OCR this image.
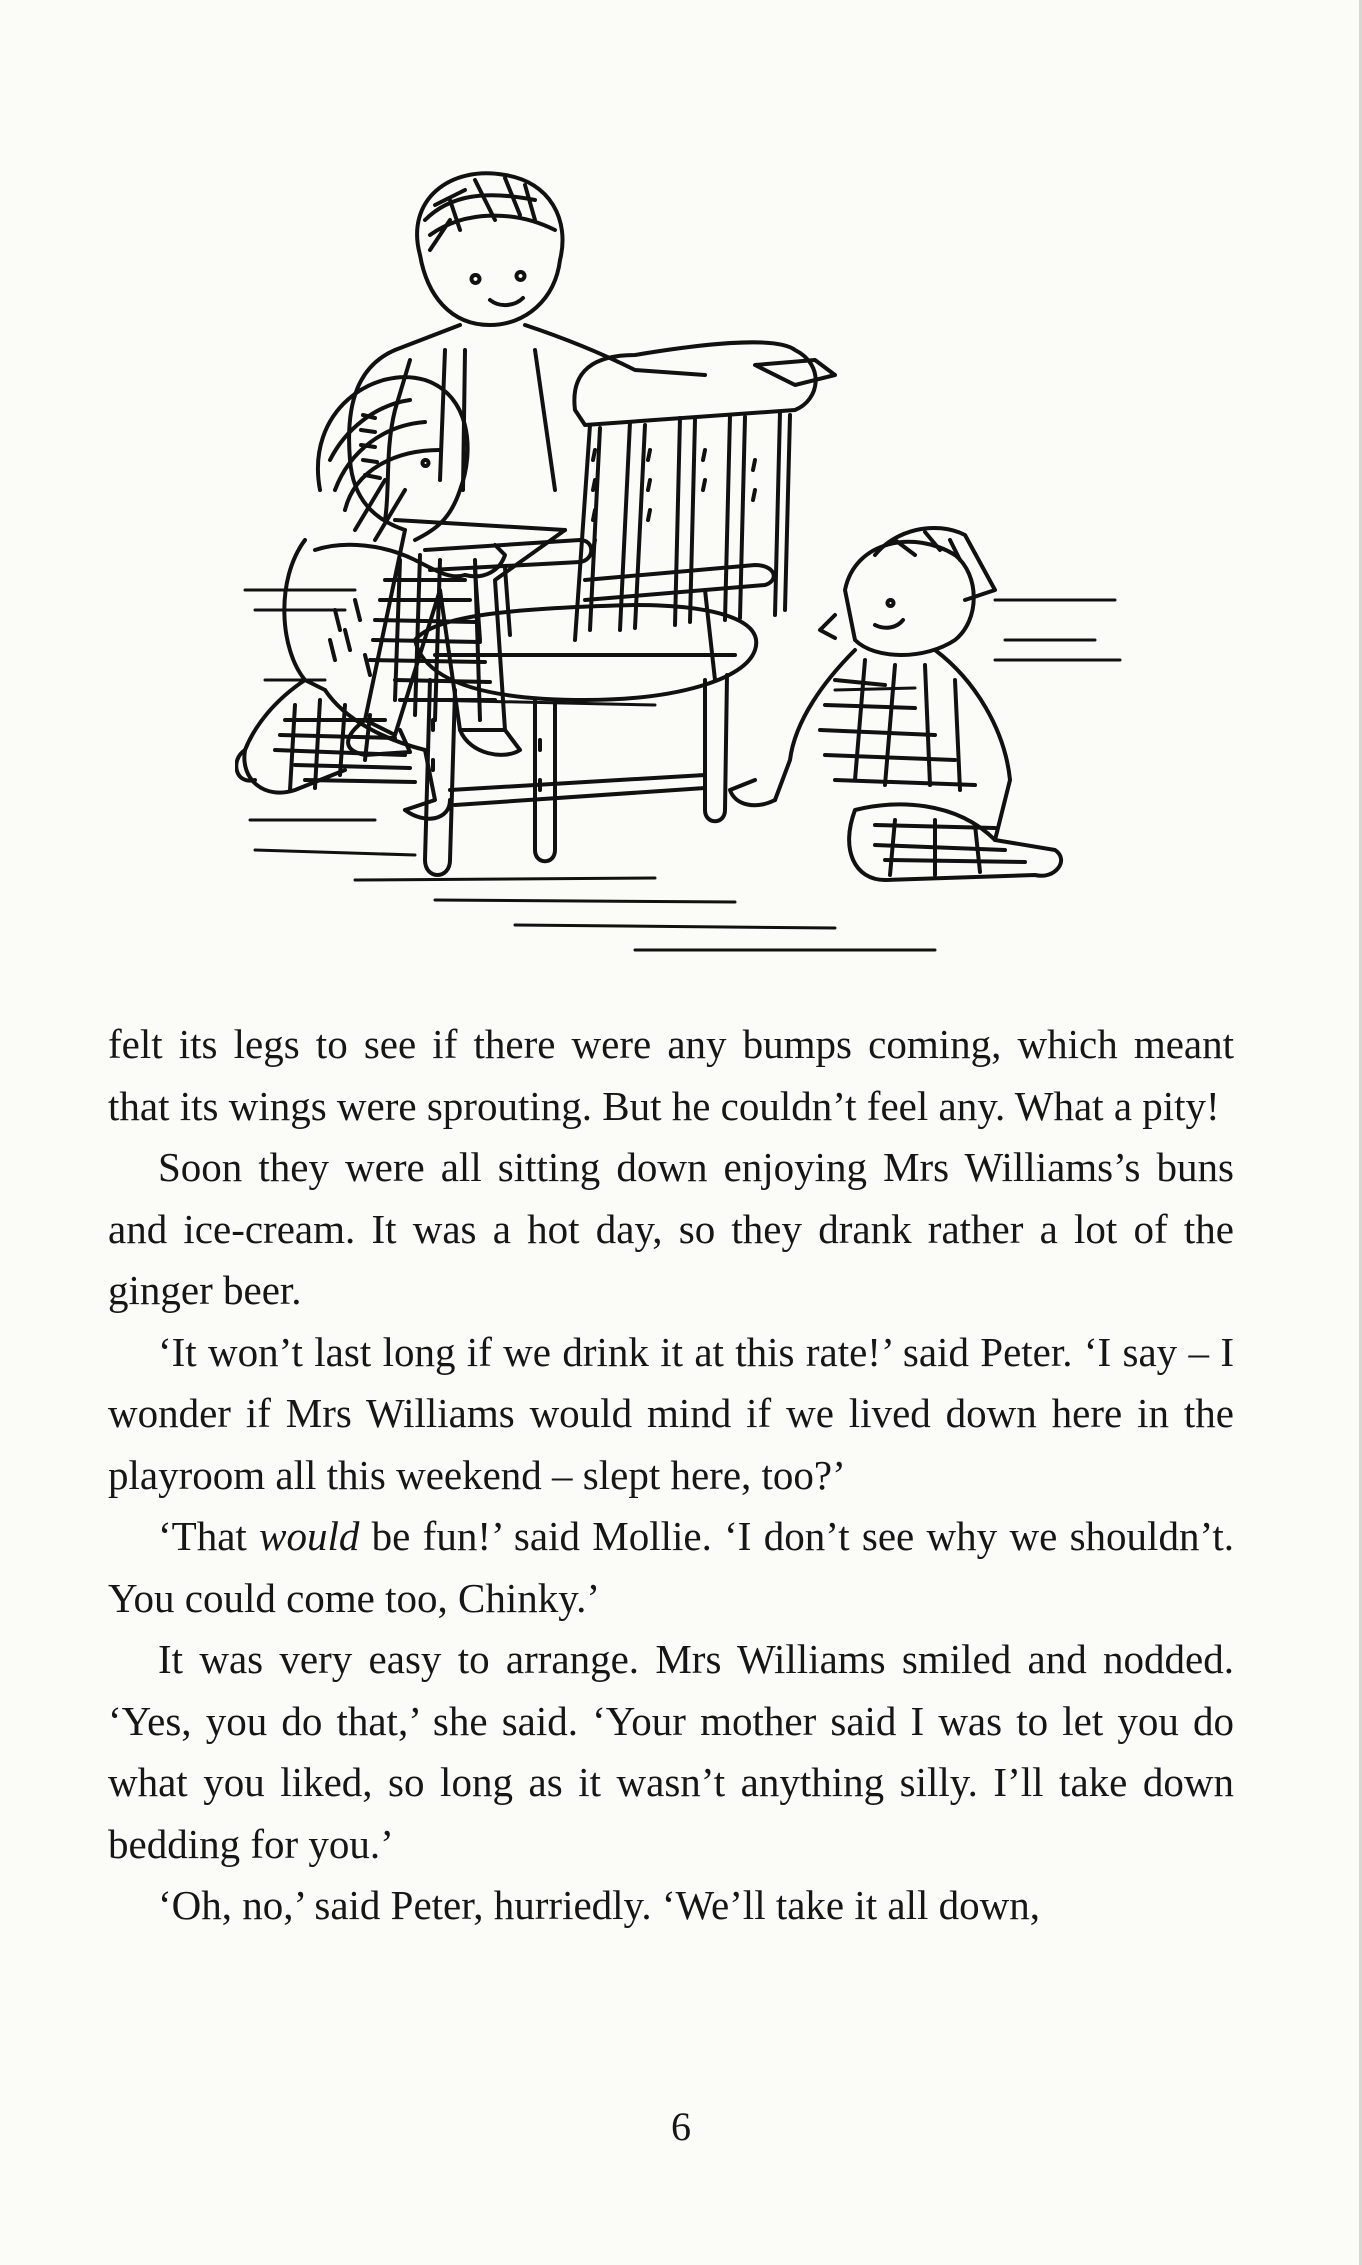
felt its legs to see if there were any bumps coming, which meant that its wings were sprouting. But he couldn’t feel any. What a pity!

Soon they were all sitting down enjoying Mrs Williams’s buns and ice-cream. It was a hot day, so they drank rather a lot of the ginger beer.

‘It won’t last long if we drink it at this rate!’ said Peter. ‘I say – I wonder if Mrs Williams would mind if we lived down here in the playroom all this weekend – slept here, too?’

‘That would be fun!’ said Mollie. ‘I don’t see why we shouldn’t. You could come too, Chinky.’

It was very easy to arrange. Mrs Williams smiled and nodded. ‘Yes, you do that,’ she said. ‘Your mother said I was to let you do what you liked, so long as it wasn’t anything silly. I’ll take down bedding for you.’

‘Oh, no,’ said Peter, hurriedly. ‘We’ll take it all down,

6
